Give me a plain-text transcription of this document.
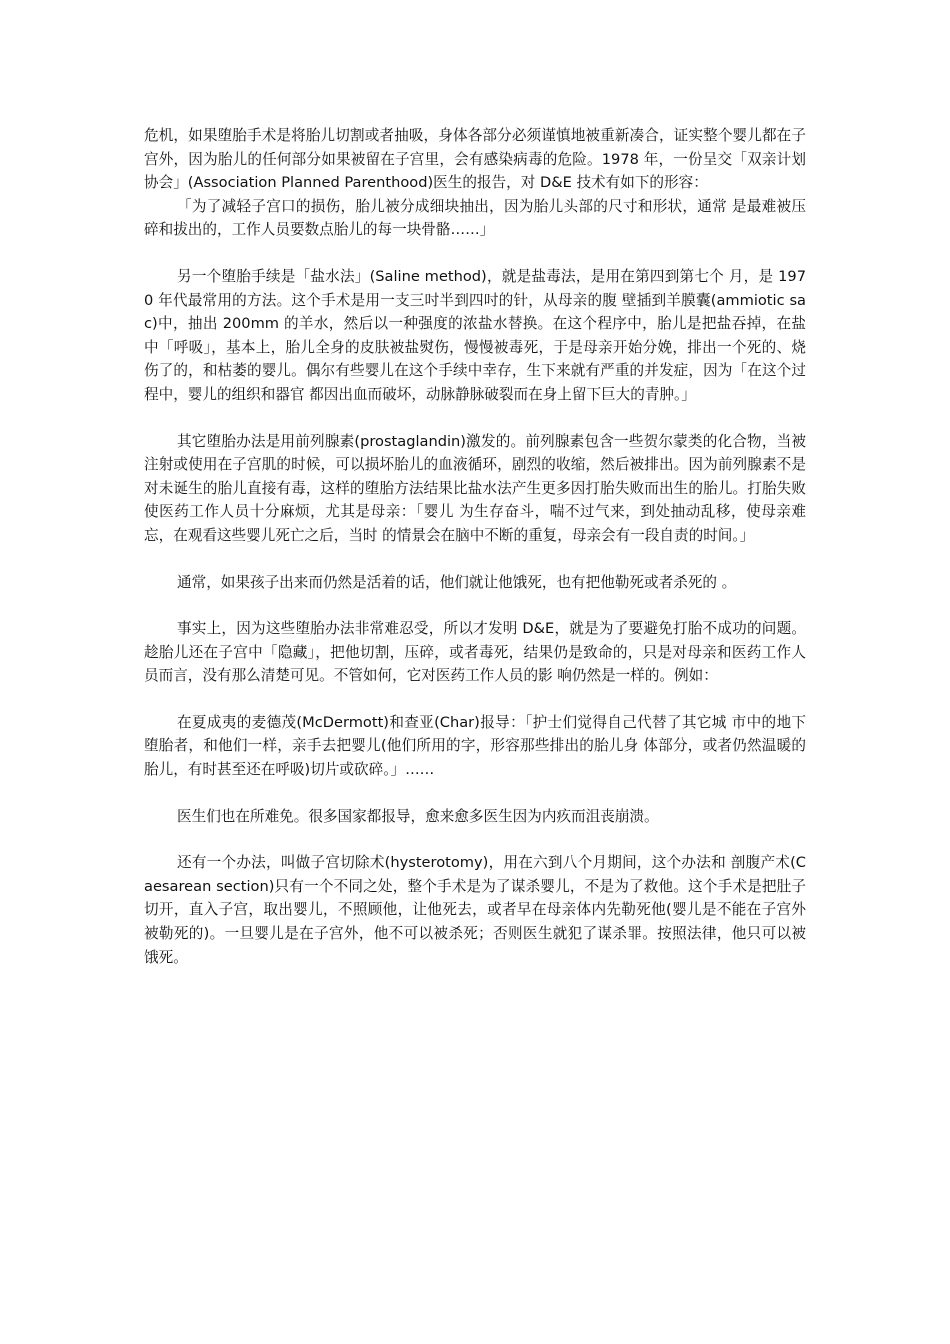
危机，如果堕胎手术是将胎儿切割或者抽吸，身体各部分必须谨慎地被重新凑合，证实整个婴儿都在子宫外，因为胎儿的任何部分如果被留在子宫里，会有感染病毒的危险。1978 年，一份呈交「双亲计划协会」(Association Planned Parenthood)医生的报告，对 D&E 技术有如下的形容：

「为了减轻子宫口的损伤，胎儿被分成细块抽出，因为胎儿头部的尺寸和形状，通常 是最难被压碎和拔出的，工作人员要数点胎儿的每一块骨骼……」

另一个堕胎手续是「盐水法」(Saline method)，就是盐毒法，是用在第四到第七个 月，是 1970 年代最常用的方法。这个手术是用一支三吋半到四吋的针，从母亲的腹 壁插到羊膜囊(ammiotic sac)中，抽出 200mm 的羊水，然后以一种强度的浓盐水替换。在这个程序中，胎儿是把盐吞掉，在盐中「呼吸」，基本上，胎儿全身的皮肤被盐熨伤，慢慢被毒死，于是母亲开始分娩，排出一个死的、烧伤了的，和枯萎的婴儿。偶尔有些婴儿在这个手续中幸存，生下来就有严重的并发症，因为「在这个过程中，婴儿的组织和器官 都因出血而破坏，动脉静脉破裂而在身上留下巨大的青肿。」

其它堕胎办法是用前列腺素(prostaglandin)激发的。前列腺素包含一些贺尔蒙类的化合物，当被注射或使用在子宫肌的时候，可以损坏胎儿的血液循环，剧烈的收缩，然后被排出。因为前列腺素不是对未诞生的胎儿直接有毒，这样的堕胎方法结果比盐水法产生更多因打胎失败而出生的胎儿。打胎失败使医药工作人员十分麻烦，尤其是母亲：「婴儿 为生存奋斗，喘不过气来，到处抽动乱移，使母亲难忘，在观看这些婴儿死亡之后，当时 的情景会在脑中不断的重复，母亲会有一段自责的时间。」

通常，如果孩子出来而仍然是活着的话，他们就让他饿死，也有把他勒死或者杀死的 。

事实上，因为这些堕胎办法非常难忍受，所以才发明 D&E，就是为了要避免打胎不成功的问题。趁胎儿还在子宫中「隐藏」，把他切割，压碎，或者毒死，结果仍是致命的，只是对母亲和医药工作人员而言，没有那么清楚可见。不管如何，它对医药工作人员的影 响仍然是一样的。例如：

在夏成夷的麦德茂(McDermott)和查亚(Char)报导：「护士们觉得自己代替了其它城 市中的地下堕胎者，和他们一样，亲手去把婴儿(他们所用的字，形容那些排出的胎儿身 体部分，或者仍然温暖的胎儿，有时甚至还在呼吸)切片或砍碎。」……

医生们也在所难免。很多国家都报导，愈来愈多医生因为内疚而沮丧崩溃。

还有一个办法，叫做子宫切除术(hysterotomy)，用在六到八个月期间，这个办法和 剖腹产术(Caesarean section)只有一个不同之处，整个手术是为了谋杀婴儿，不是为了救他。这个手术是把肚子切开，直入子宫，取出婴儿，不照顾他，让他死去，或者早在母亲体内先勒死他(婴儿是不能在子宫外被勒死的)。一旦婴儿是在子宫外，他不可以被杀死；否则医生就犯了谋杀罪。按照法律，他只可以被饿死。
